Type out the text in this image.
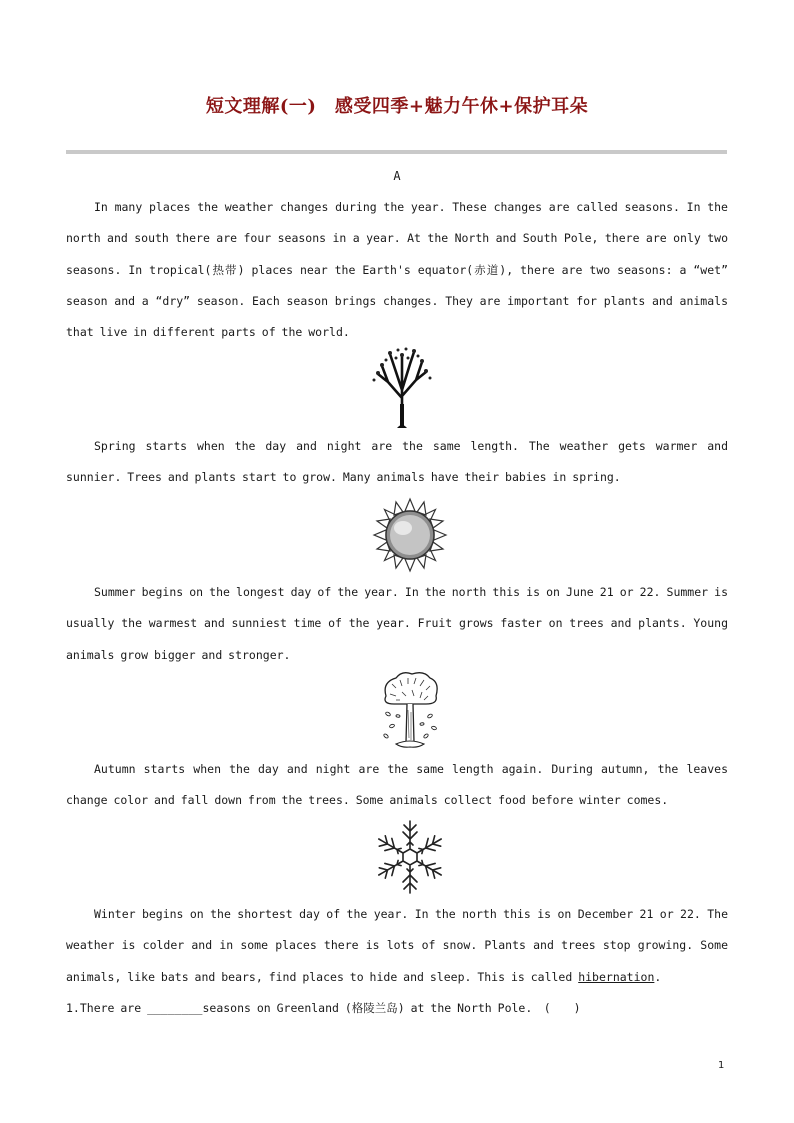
短文理解(一)　感受四季+魅力午休+保护耳朵
A
In many places the weather changes during the year. These changes are called seasons. In the north and south there are four seasons in a year. At the North and South Pole, there are only two seasons. In tropical(热带) places near the Earth's equator(赤道), there are two seasons: a “wet” season and a “dry” season. Each season brings changes. They are important for plants and animals that live in different parts of the world.
Spring starts when the day and night are the same length. The weather gets warmer and sunnier. Trees and plants start to grow. Many animals have their babies in spring.
Summer begins on the longest day of the year. In the north this is on June 21 or 22. Summer is usually the warmest and sunniest time of the year. Fruit grows faster on trees and plants. Young animals grow bigger and stronger.
Autumn starts when the day and night are the same length again. During autumn, the leaves change color and fall down from the trees. Some animals collect food before winter comes.
Winter begins on the shortest day of the year. In the north this is on December 21 or 22. The weather is colder and in some places there is lots of snow. Plants and trees stop growing. Some animals, like bats and bears, find places to hide and sleep. This is called hibernation.
1.There are ________seasons on Greenland (格陵兰岛) at the North Pole.　(　　)
1
